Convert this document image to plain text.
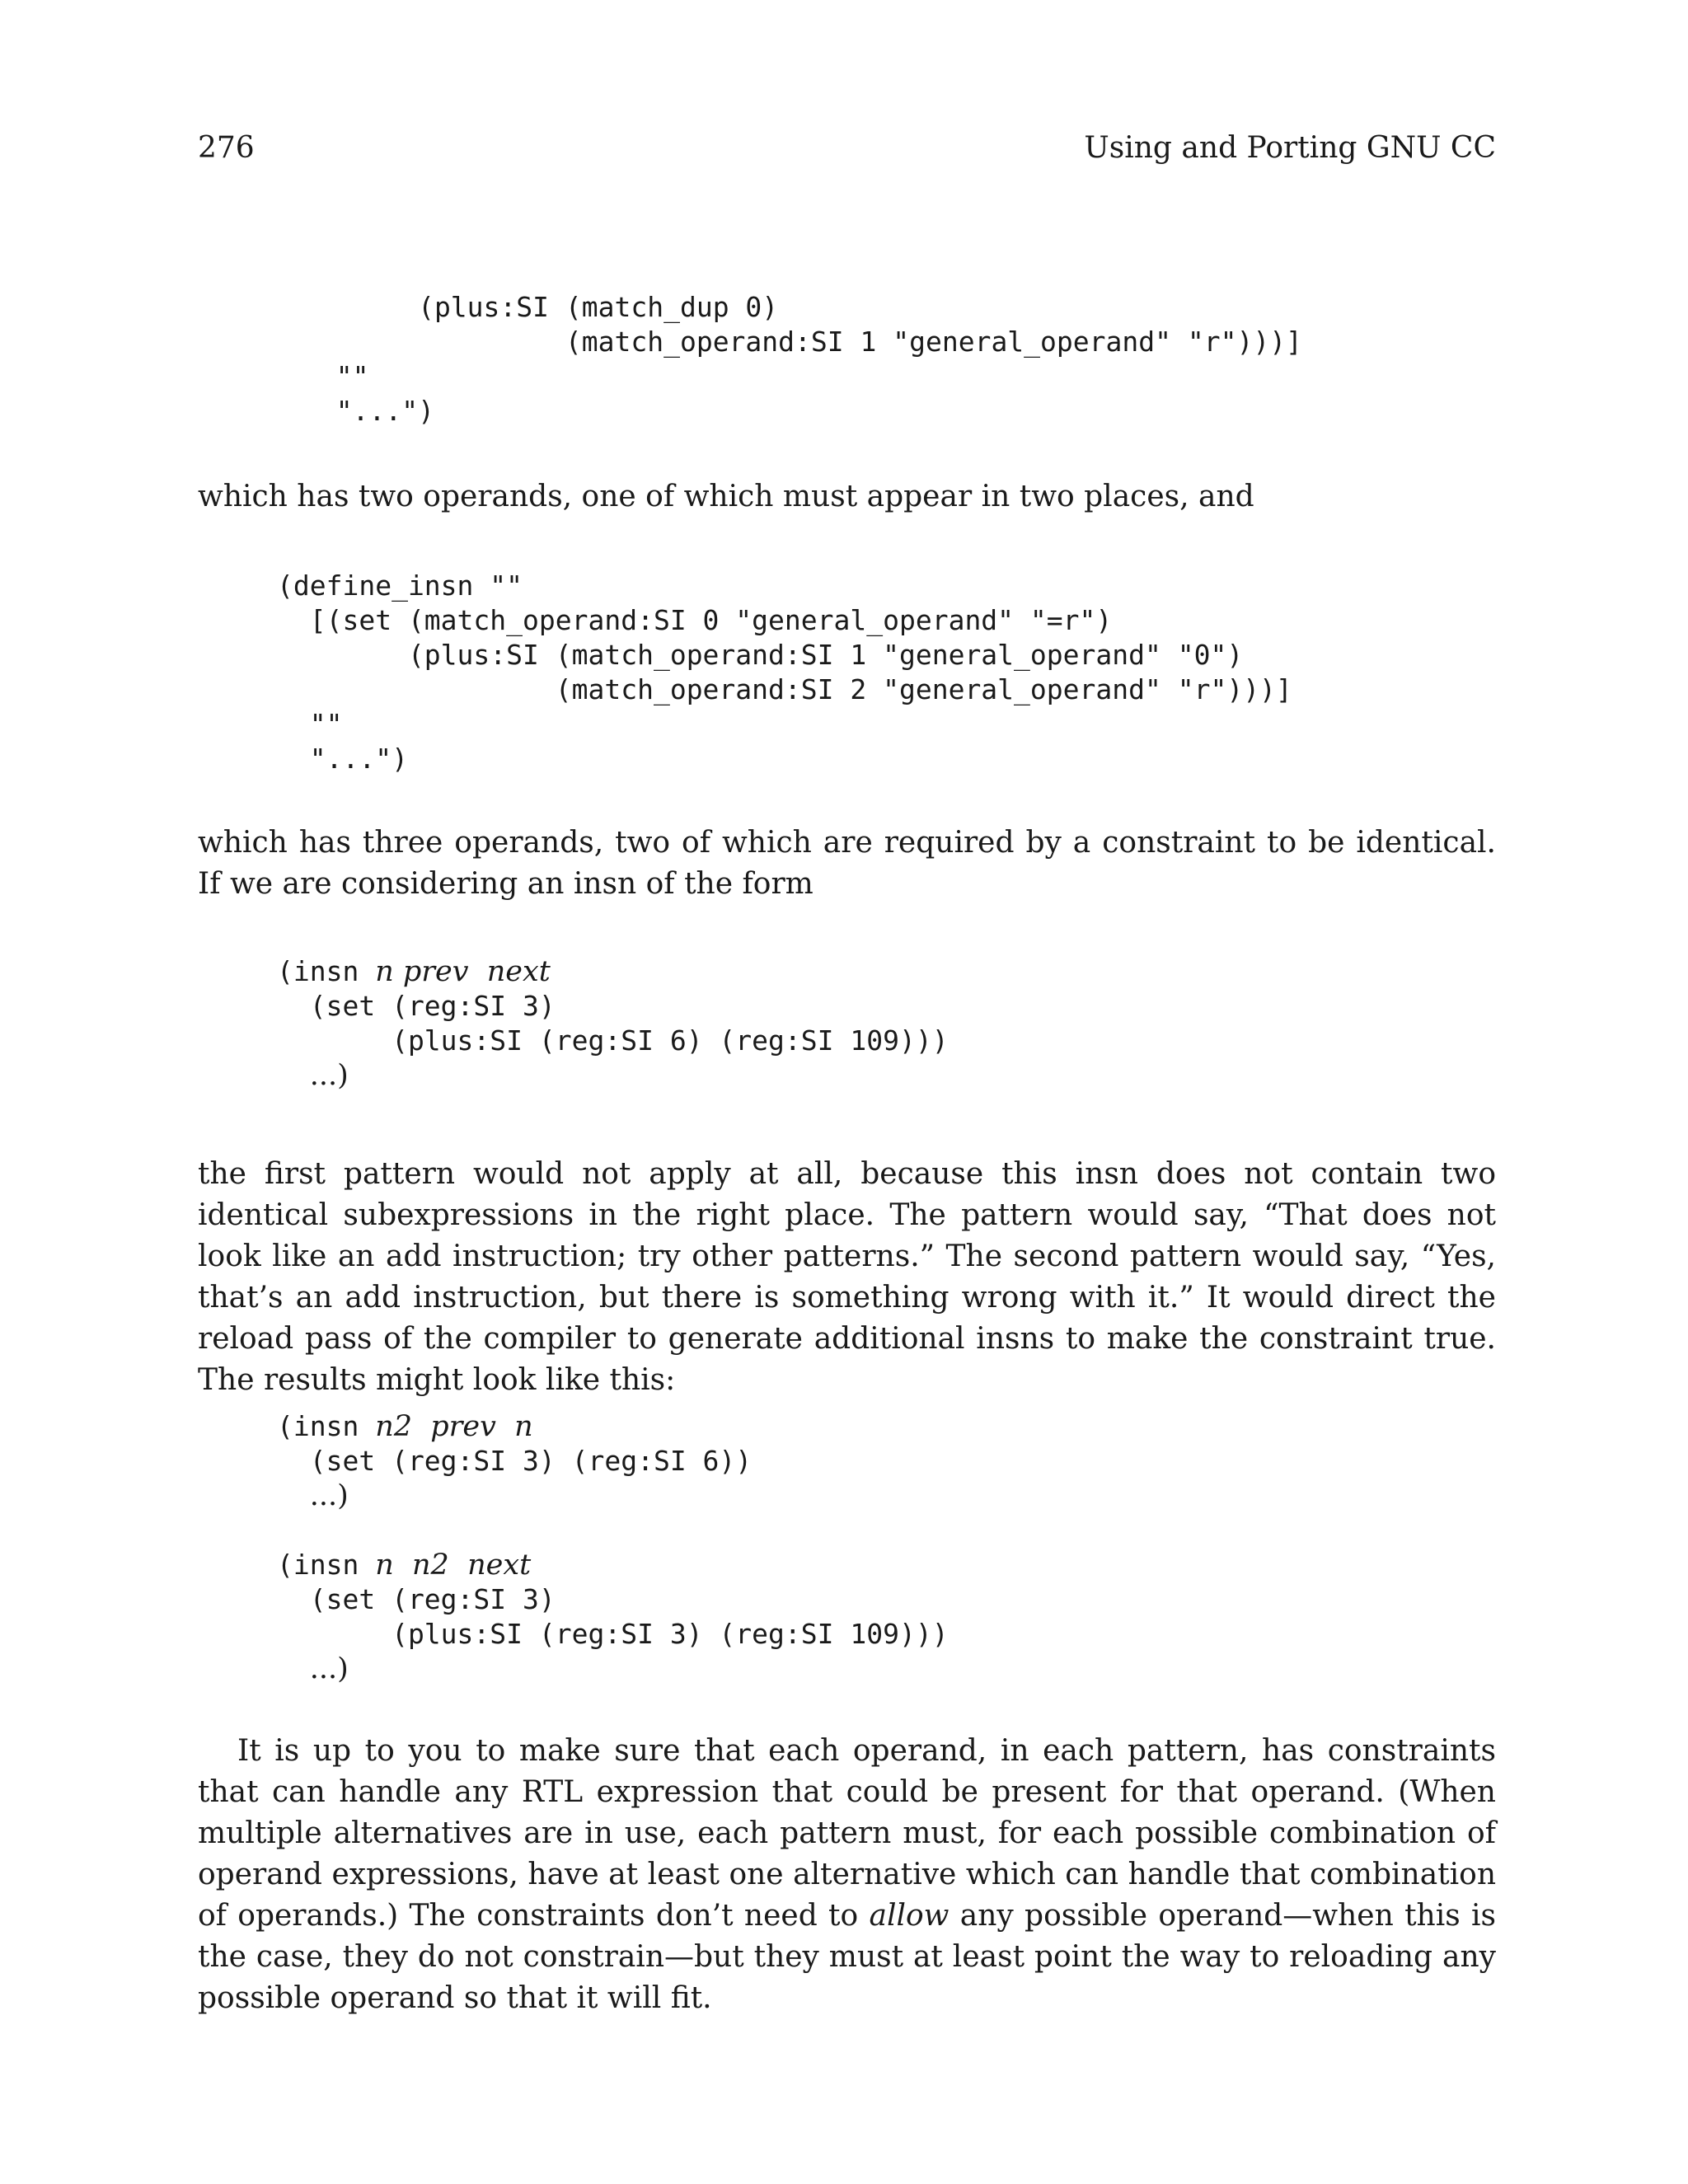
276	Using and Porting GNU CC
(plus:SI (match_dup 0)
(match_operand:SI 1 "general_operand" "r")))]
""
"...")

which has two operands, one of which must appear in two places, and

(define_insn ""
[(set (match_operand:SI 0 "general_operand" "=r")
(plus:SI (match_operand:SI 1 "general_operand" "0")
(match_operand:SI 2 "general_operand" "r")))]
""
"...")

which has three operands, two of which are required by a constraint to be identical. If we are considering an insn of the form

(insn n prev  next
(set (reg:SI 3)
(plus:SI (reg:SI 6) (reg:SI 109)))
...)

the first pattern would not apply at all, because this insn does not contain two identical subexpressions in the right place. The pattern would say, “That does not look like an add instruction; try other patterns.” The second pattern would say, “Yes, that’s an add instruction, but there is something wrong with it.” It would direct the reload pass of the compiler to generate additional insns to make the constraint true. The results might look like this:

(insn n2  prev  n
(set (reg:SI 3) (reg:SI 6))
...)

(insn n  n2  next
(set (reg:SI 3)
(plus:SI (reg:SI 3) (reg:SI 109)))
...)

It is up to you to make sure that each operand, in each pattern, has constraints that can handle any RTL expression that could be present for that operand. (When multiple alternatives are in use, each pattern must, for each possible combination of operand expressions, have at least one alternative which can handle that combination of operands.) The constraints don’t need to allow any possible operand—when this is the case, they do not constrain—but they must at least point the way to reloading any possible operand so that it will fit.
